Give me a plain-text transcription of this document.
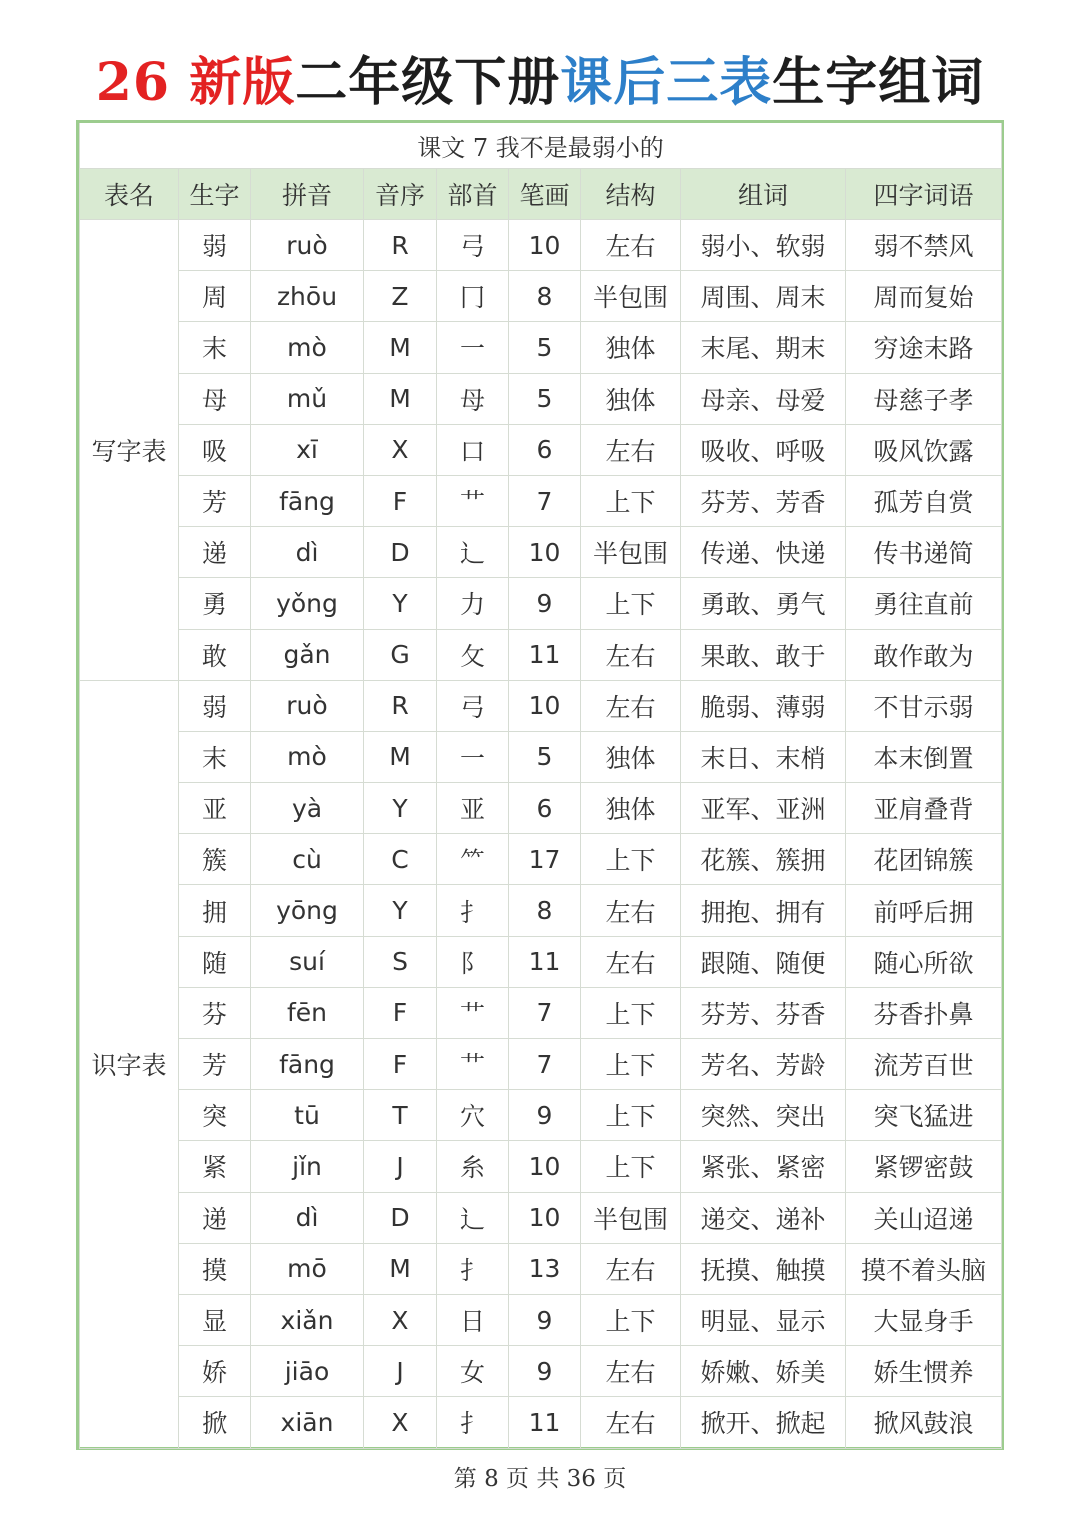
26 新版二年级下册课后三表生字组词
课文 7 我不是最弱小的								
表名	生字	拼音	音序	部首	笔画	结构	组词	四字词语
写字表	弱	ruò	R	弓	10	左右	弱小、软弱	弱不禁风
	周	zhōu	Z	冂	8	半包围	周围、周末	周而复始
	末	mò	M	一	5	独体	末尾、期末	穷途末路
	母	mǔ	M	母	5	独体	母亲、母爱	母慈子孝
	吸	xī	X	口	6	左右	吸收、呼吸	吸风饮露
	芳	fāng	F	艹	7	上下	芬芳、芳香	孤芳自赏
	递	dì	D	辶	10	半包围	传递、快递	传书递简
	勇	yǒng	Y	力	9	上下	勇敢、勇气	勇往直前
	敢	gǎn	G	攵	11	左右	果敢、敢于	敢作敢为
识字表	弱	ruò	R	弓	10	左右	脆弱、薄弱	不甘示弱
	末	mò	M	一	5	独体	末日、末梢	本末倒置
	亚	yà	Y	亚	6	独体	亚军、亚洲	亚肩叠背
	簇	cù	C	⺮	17	上下	花簇、簇拥	花团锦簇
	拥	yōng	Y	扌	8	左右	拥抱、拥有	前呼后拥
	随	suí	S	阝	11	左右	跟随、随便	随心所欲
	芬	fēn	F	艹	7	上下	芬芳、芬香	芬香扑鼻
	芳	fāng	F	艹	7	上下	芳名、芳龄	流芳百世
	突	tū	T	穴	9	上下	突然、突出	突飞猛进
	紧	jǐn	J	糸	10	上下	紧张、紧密	紧锣密鼓
	递	dì	D	辶	10	半包围	递交、递补	关山迢递
	摸	mō	M	扌	13	左右	抚摸、触摸	摸不着头脑
	显	xiǎn	X	日	9	上下	明显、显示	大显身手
	娇	jiāo	J	女	9	左右	娇嫩、娇美	娇生惯养
	掀	xiān	X	扌	11	左右	掀开、掀起	掀风鼓浪
第 8 页 共 36 页
